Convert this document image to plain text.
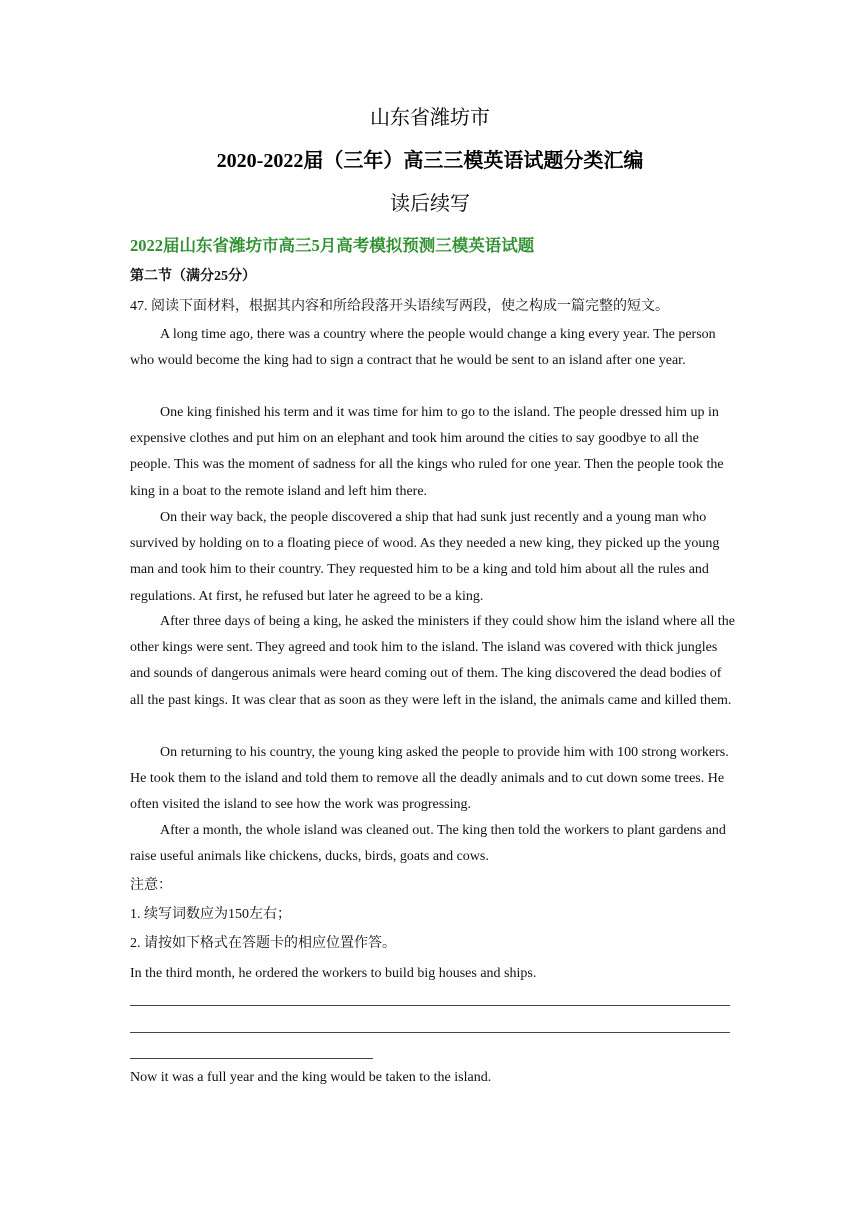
山东省潍坊市
2020-2022届（三年）高三三模英语试题分类汇编
读后续写
2022届山东省潍坊市高三5月高考模拟预测三模英语试题
第二节（满分25分）
47. 阅读下面材料，根据其内容和所给段落开头语续写两段，使之构成一篇完整的短文。
A long time ago, there was a country where the people would change a king every year. The person who would become the king had to sign a contract that he would be sent to an island after one year.
One king finished his term and it was time for him to go to the island. The people dressed him up in expensive clothes and put him on an elephant and took him around the cities to say goodbye to all the people. This was the moment of sadness for all the kings who ruled for one year. Then the people took the king in a boat to the remote island and left him there.
On their way back, the people discovered a ship that had sunk just recently and a young man who survived by holding on to a floating piece of wood. As they needed a new king, they picked up the young man and took him to their country. They requested him to be a king and told him about all the rules and regulations. At first, he refused but later he agreed to be a king.
After three days of being a king, he asked the ministers if they could show him the island where all the other kings were sent. They agreed and took him to the island. The island was covered with thick jungles and sounds of dangerous animals were heard coming out of them. The king discovered the dead bodies of all the past kings. It was clear that as soon as they were left in the island, the animals came and killed them.
On returning to his country, the young king asked the people to provide him with 100 strong workers. He took them to the island and told them to remove all the deadly animals and to cut down some trees. He often visited the island to see how the work was progressing.
After a month, the whole island was cleaned out. The king then told the workers to plant gardens and raise useful animals like chickens, ducks, birds, goats and cows.
注意：
1. 续写词数应为150左右；
2. 请按如下格式在答题卡的相应位置作答。
In the third month, he ordered the workers to build big houses and ships.
Now it was a full year and the king would be taken to the island.
